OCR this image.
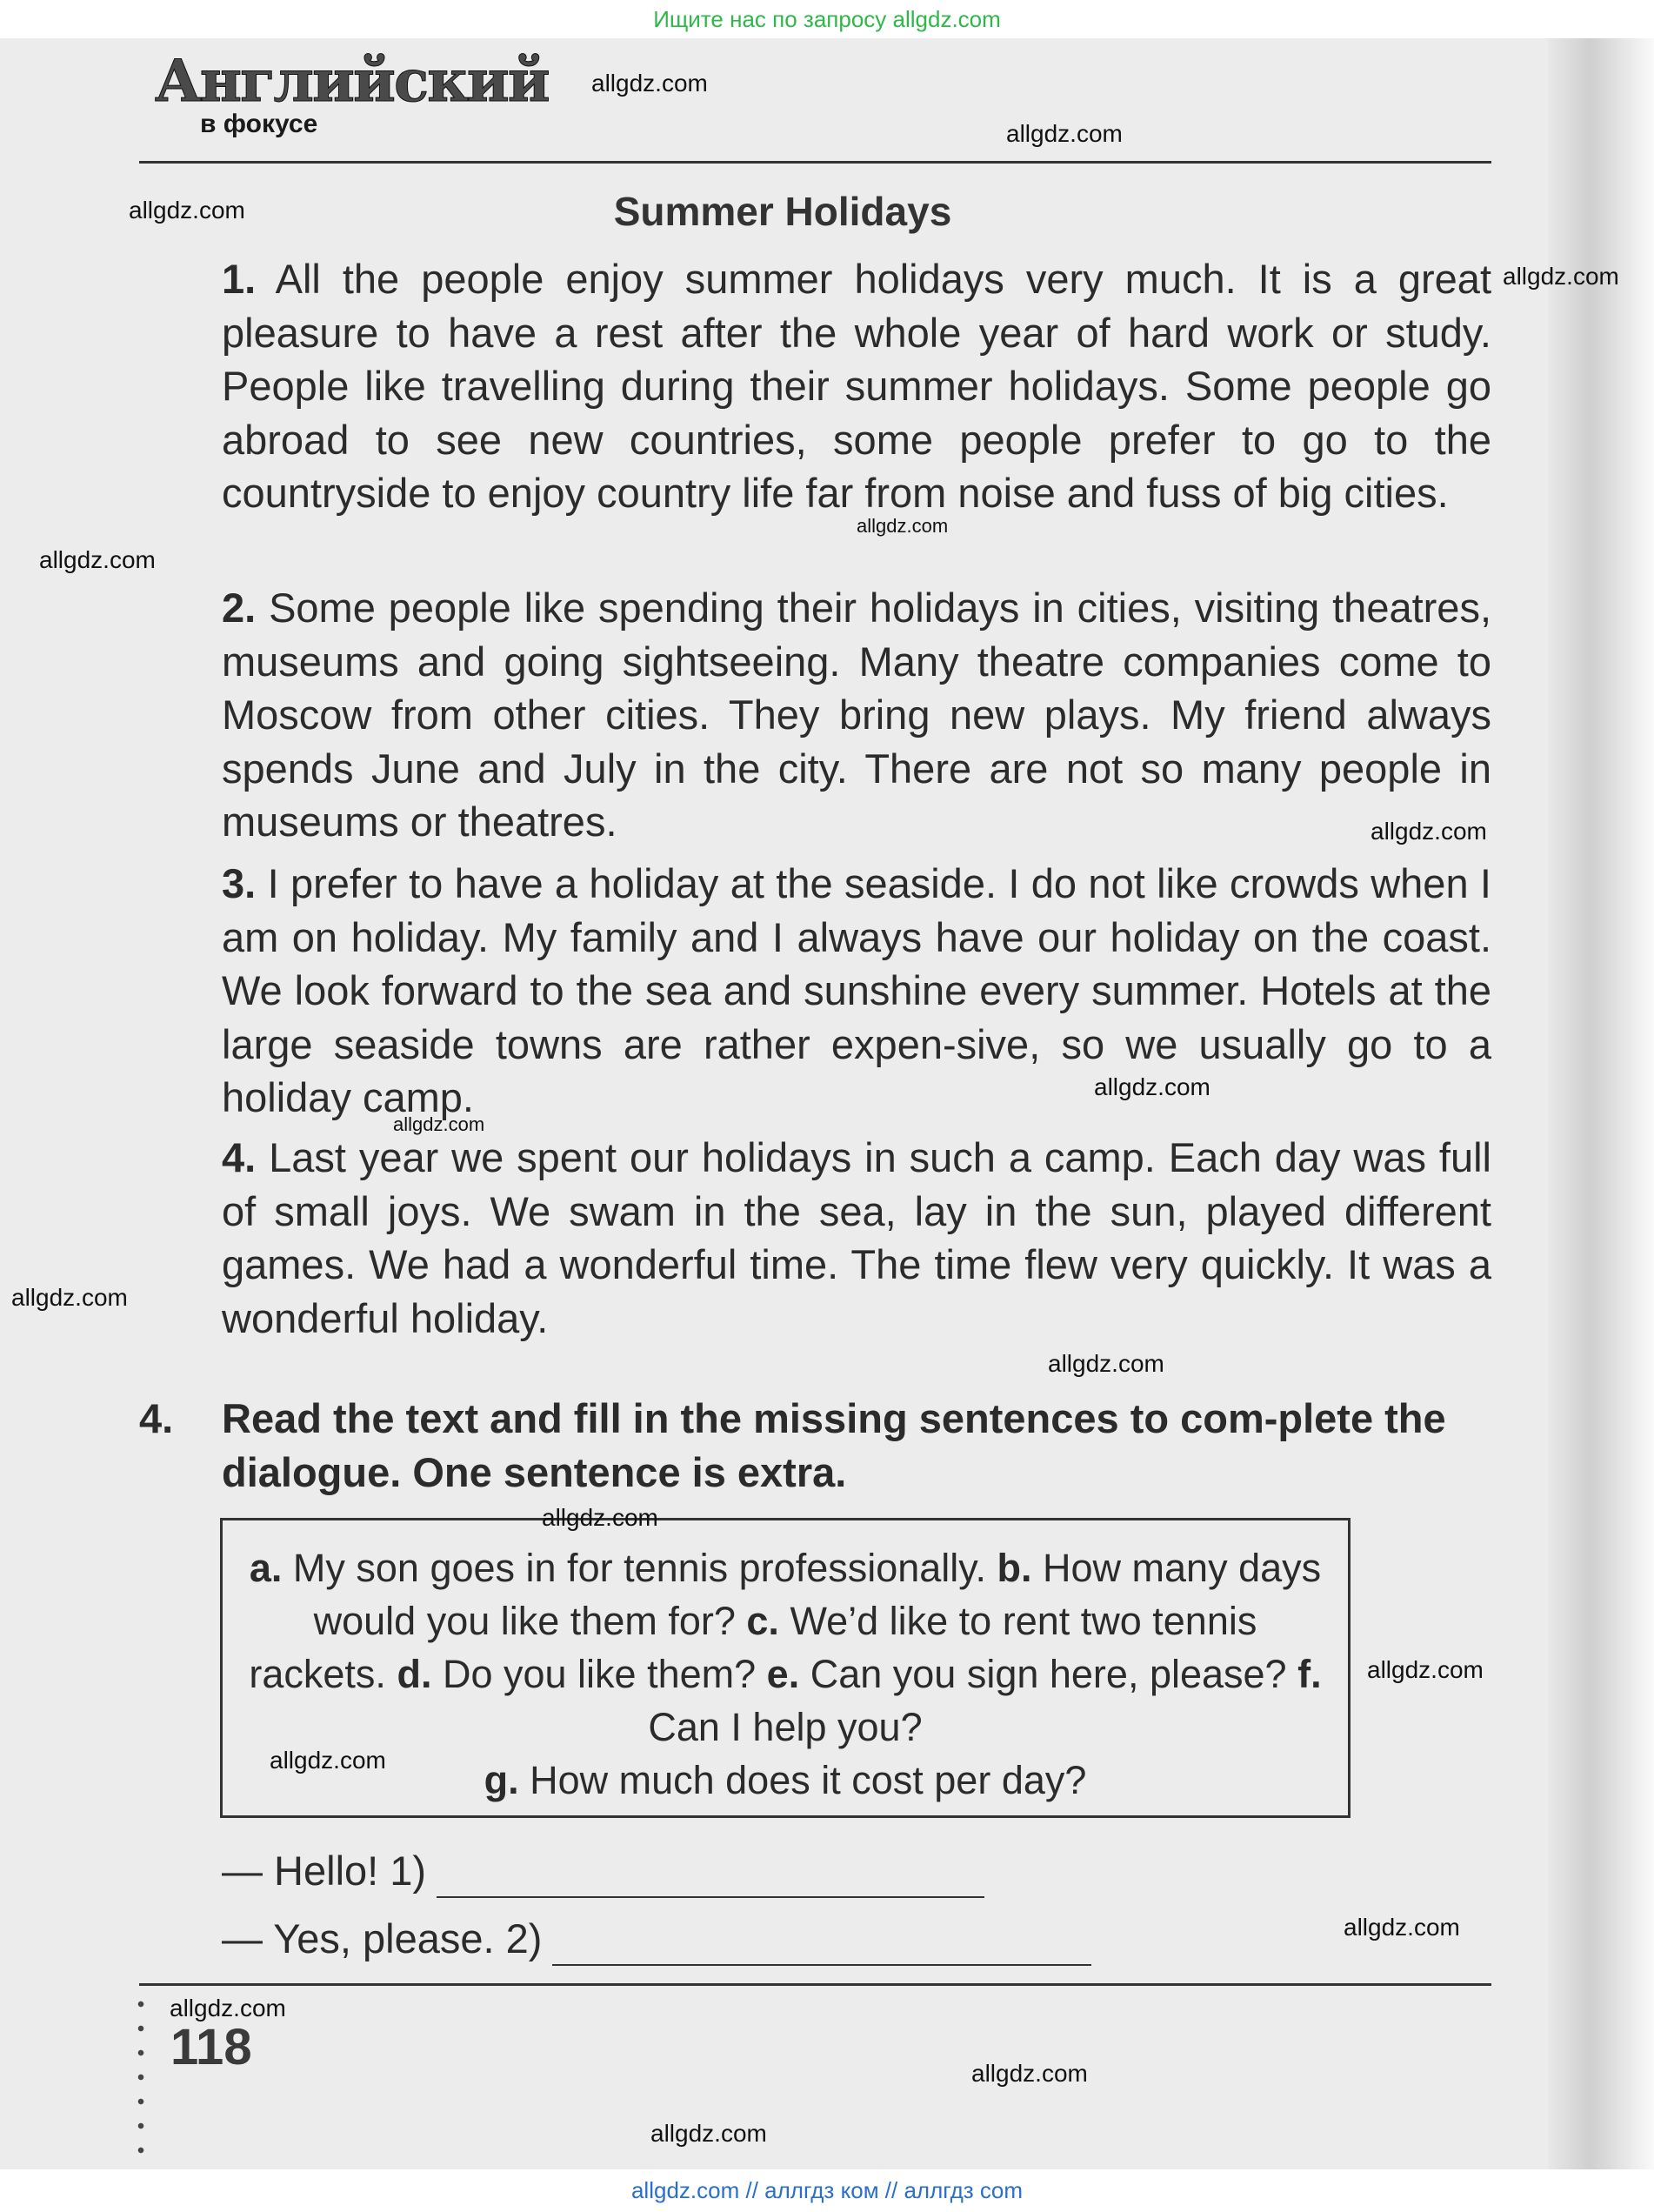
Ищите нас по запросу allgdz.com
Английский
в фокусе
Summer Holidays
1. All the people enjoy summer holidays very much. It is a great pleasure to have a rest after the whole year of hard work or study. People like travelling during their summer holidays. Some people go abroad to see new countries, some people prefer to go to the countryside to enjoy country life far from noise and fuss of big cities.
2. Some people like spending their holidays in cities, visiting theatres, museums and going sightseeing. Many theatre companies come to Moscow from other cities. They bring new plays. My friend always spends June and July in the city. There are not so many people in museums or theatres.
3. I prefer to have a holiday at the seaside. I do not like crowds when I am on holiday. My family and I always have our holiday on the coast. We look forward to the sea and sunshine every summer. Hotels at the large seaside towns are rather expen-sive, so we usually go to a holiday camp.
4. Last year we spent our holidays in such a camp. Each day was full of small joys. We swam in the sea, lay in the sun, played different games. We had a wonderful time. The time flew very quickly. It was a wonderful holiday.
4. Read the text and fill in the missing sentences to com-plete the dialogue. One sentence is extra.
a. My son goes in for tennis professionally. b. How many days would you like them for? c. We’d like to rent two tennis rackets. d. Do you like them? e. Can you sign here, please? f. Can I help you?
g. How much does it cost per day?
— Hello! 1)
— Yes, please. 2)
118
allgdz.com
allgdz.com
allgdz.com
allgdz.com
allgdz.com
allgdz.com
allgdz.com
allgdz.com
allgdz.com
allgdz.com
allgdz.com
allgdz.com
allgdz.com
allgdz.com
allgdz.com
allgdz.com
allgdz.com
allgdz.com
allgdz.com // аллгдз ком // аллгдз com
